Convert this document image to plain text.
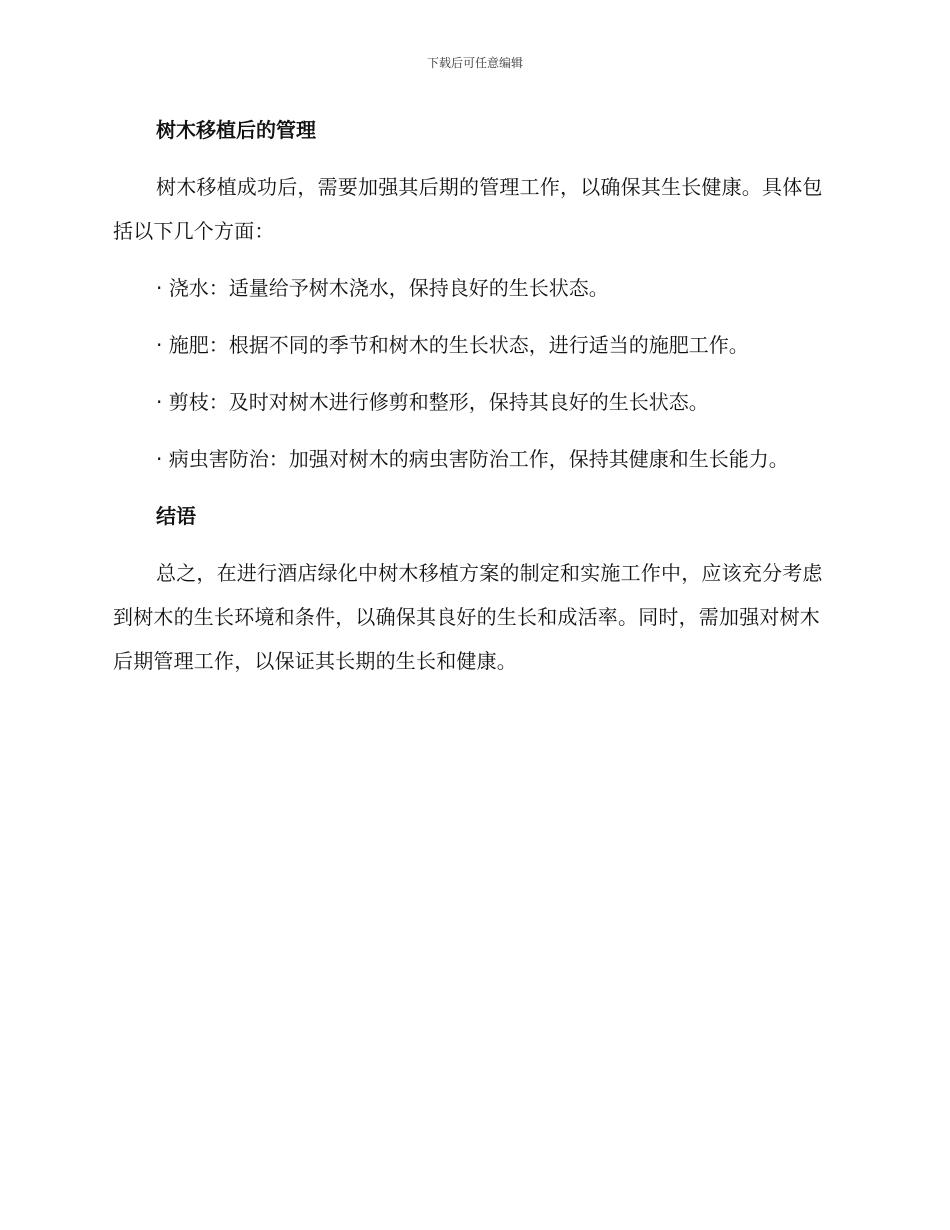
下载后可任意编辑

树木移植后的管理

树木移植成功后，需要加强其后期的管理工作，以确保其生长健康。具体包括以下几个方面：

· 浇水：适量给予树木浇水，保持良好的生长状态。

· 施肥：根据不同的季节和树木的生长状态，进行适当的施肥工作。

· 剪枝：及时对树木进行修剪和整形，保持其良好的生长状态。

· 病虫害防治：加强对树木的病虫害防治工作，保持其健康和生长能力。

结语

总之，在进行酒店绿化中树木移植方案的制定和实施工作中，应该充分考虑到树木的生长环境和条件，以确保其良好的生长和成活率。同时，需加强对树木后期管理工作，以保证其长期的生长和健康。
